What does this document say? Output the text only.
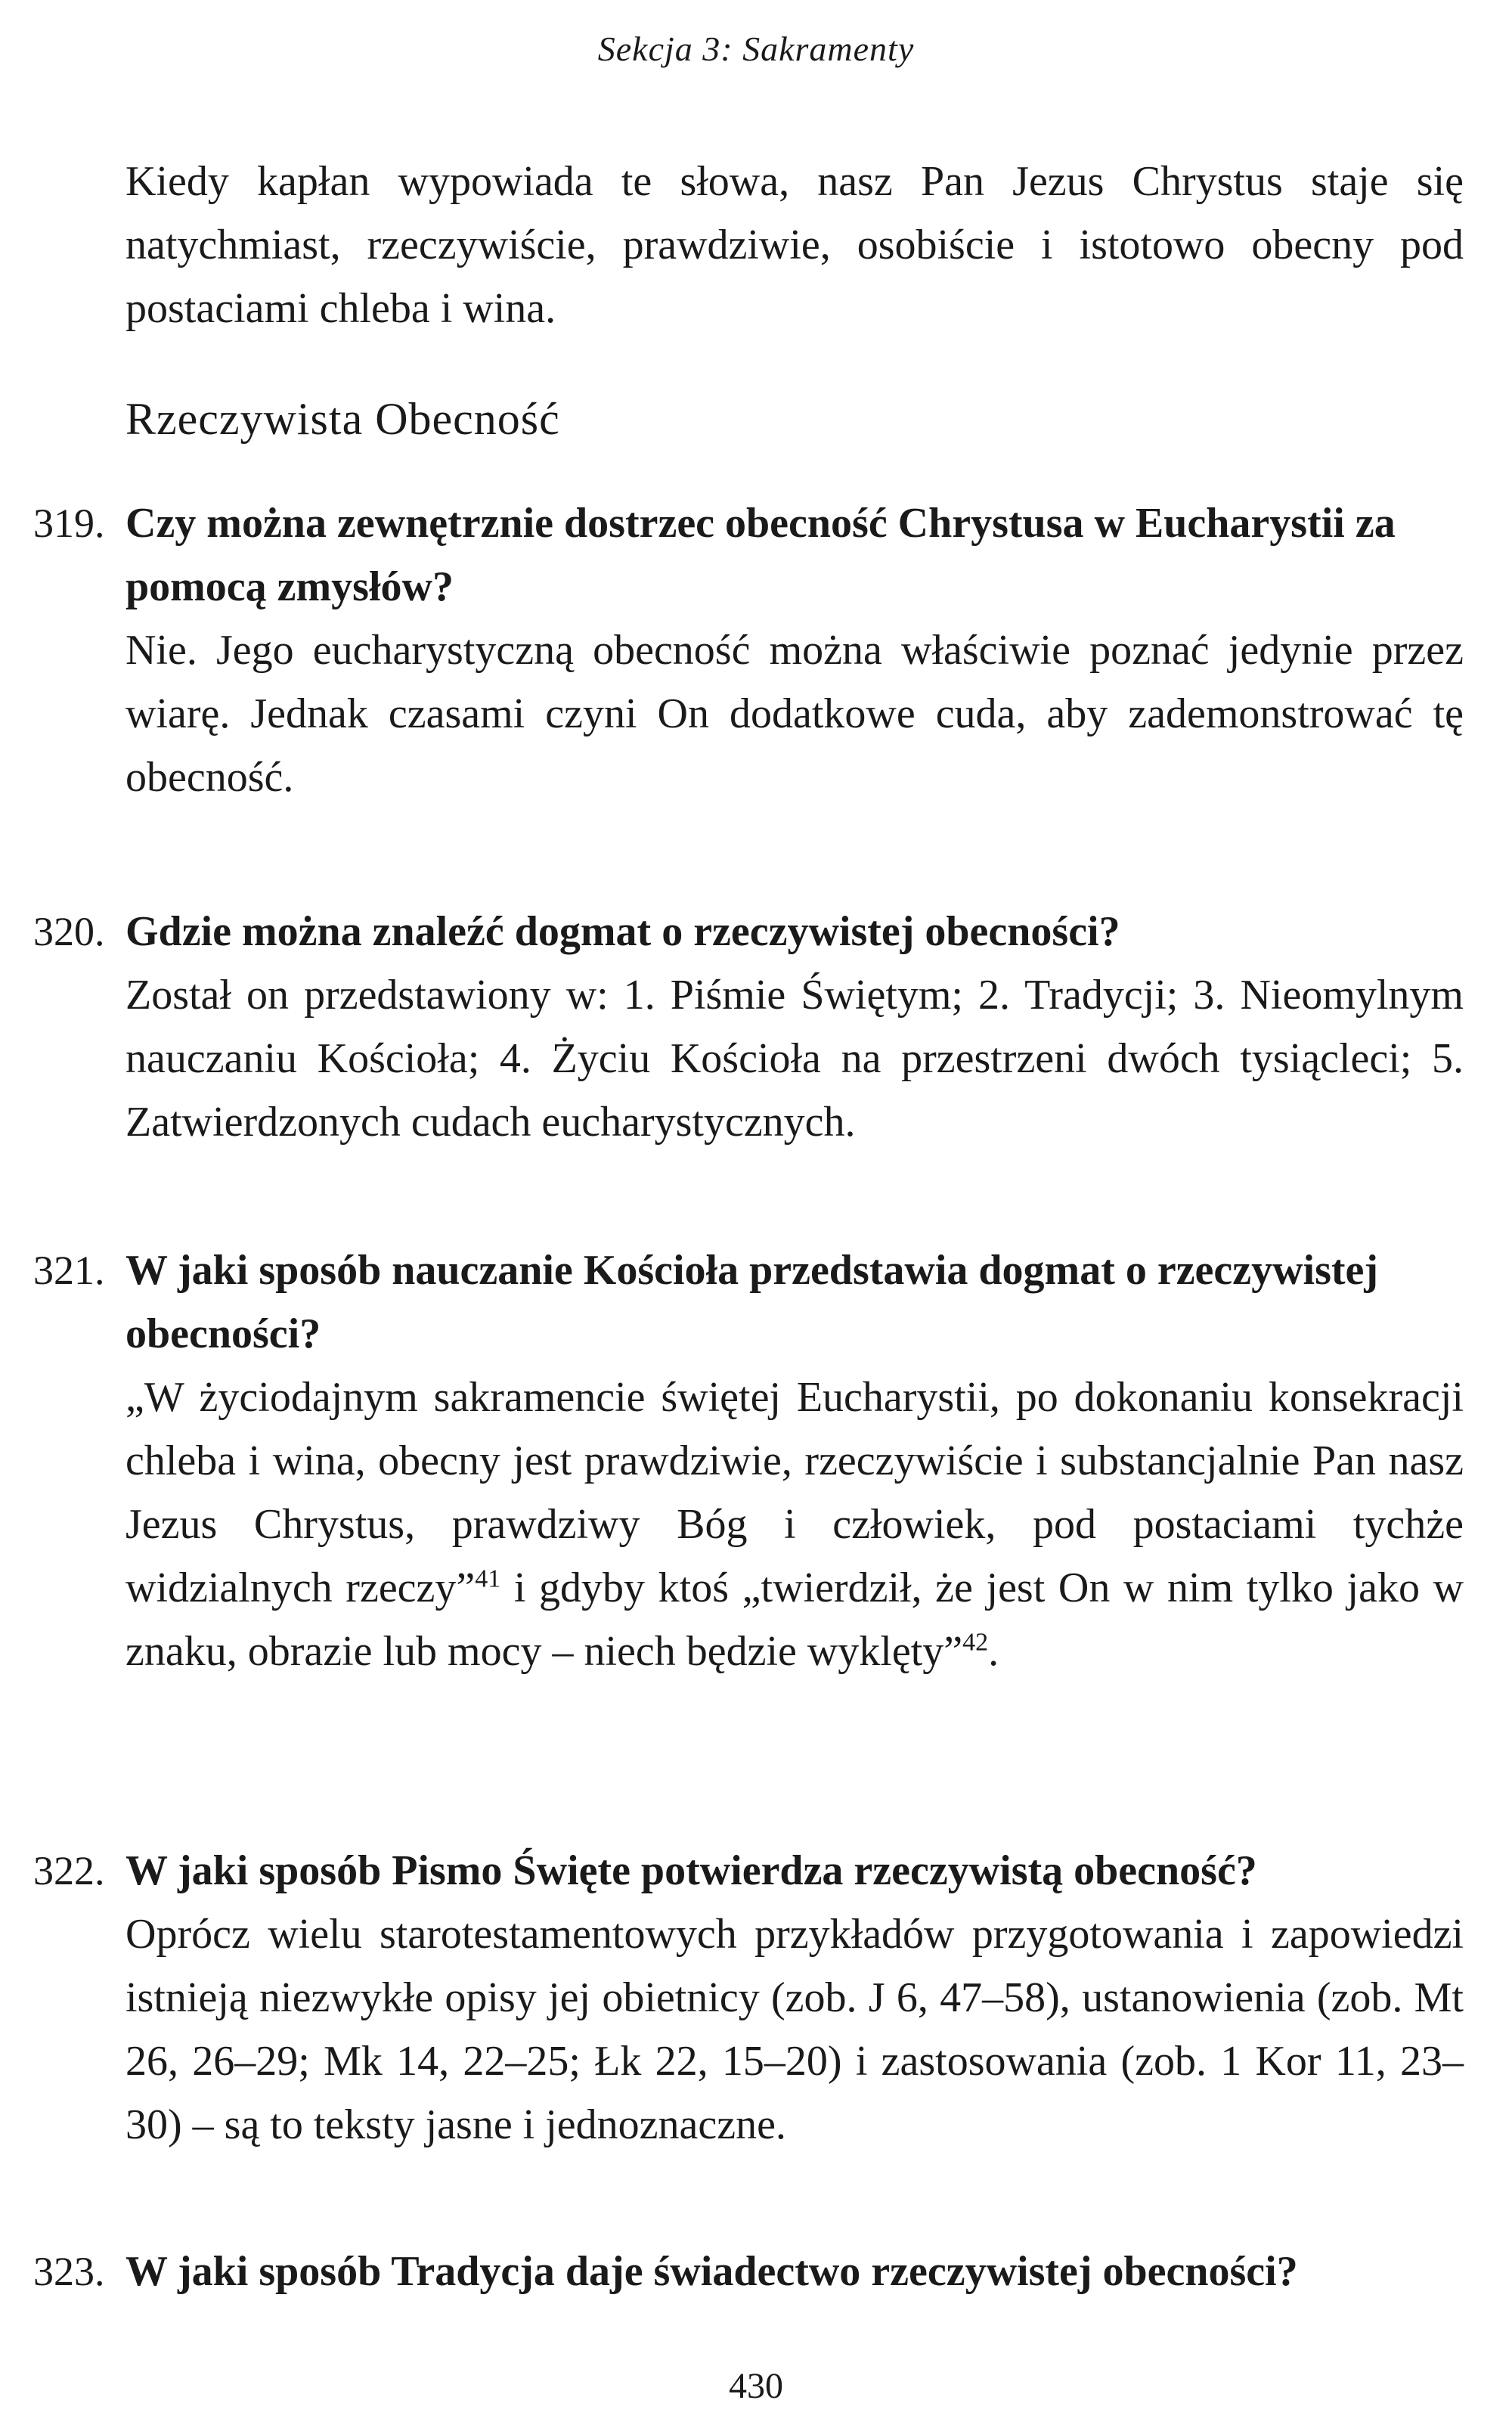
Sekcja 3: Sakramenty

Kiedy kapłan wypowiada te słowa, nasz Pan Jezus Chrystus staje się natychmiast, rzeczywiście, prawdziwie, osobiście i istotowo obecny pod postaciami chleba i wina.

Rzeczywista Obecność
319. Czy można zewnętrznie dostrzec obecność Chrystusa w Eucharystii za pomocą zmysłów?

Nie. Jego eucharystyczną obecność można właściwie poznać jedynie przez wiarę. Jednak czasami czyni On dodatkowe cuda, aby zademonstrować tę obecność.

320. Gdzie można znaleźć dogmat o rzeczywistej obecności?

Został on przedstawiony w: 1. Piśmie Świętym; 2. Tradycji; 3. Nieomylnym nauczaniu Kościoła; 4. Życiu Kościoła na przestrzeni dwóch tysiącleci; 5. Zatwierdzonych cudach eucharystycznych.

321. W jaki sposób nauczanie Kościoła przedstawia dogmat o rzeczywistej obecności?

„W życiodajnym sakramencie świętej Eucharystii, po dokonaniu konsekracji chleba i wina, obecny jest prawdziwie, rzeczywiście i substancjalnie Pan nasz Jezus Chrystus, prawdziwy Bóg i człowiek, pod postaciami tychże widzialnych rzeczy”$^{41}$ i gdyby ktoś „twierdził, że jest On w nim tylko jako w znaku, obrazie lub mocy – niech będzie wyklęty”$^{42}$.

322. W jaki sposób Pismo Święte potwierdza rzeczywistą obecność?

Oprócz wielu starotestamentowych przykładów przygotowania i zapowiedzi istnieją niezwykłe opisy jej obietnicy (zob. J 6, 47–58), ustanowienia (zob. Mt 26, 26–29; Mk 14, 22–25; Łk 22, 15–20) i zastosowania (zob. 1 Kor 11, 23–30) – są to teksty jasne i jednoznaczne.

323. W jaki sposób Tradycja daje świadectwo rzeczywistej obecności?

430
